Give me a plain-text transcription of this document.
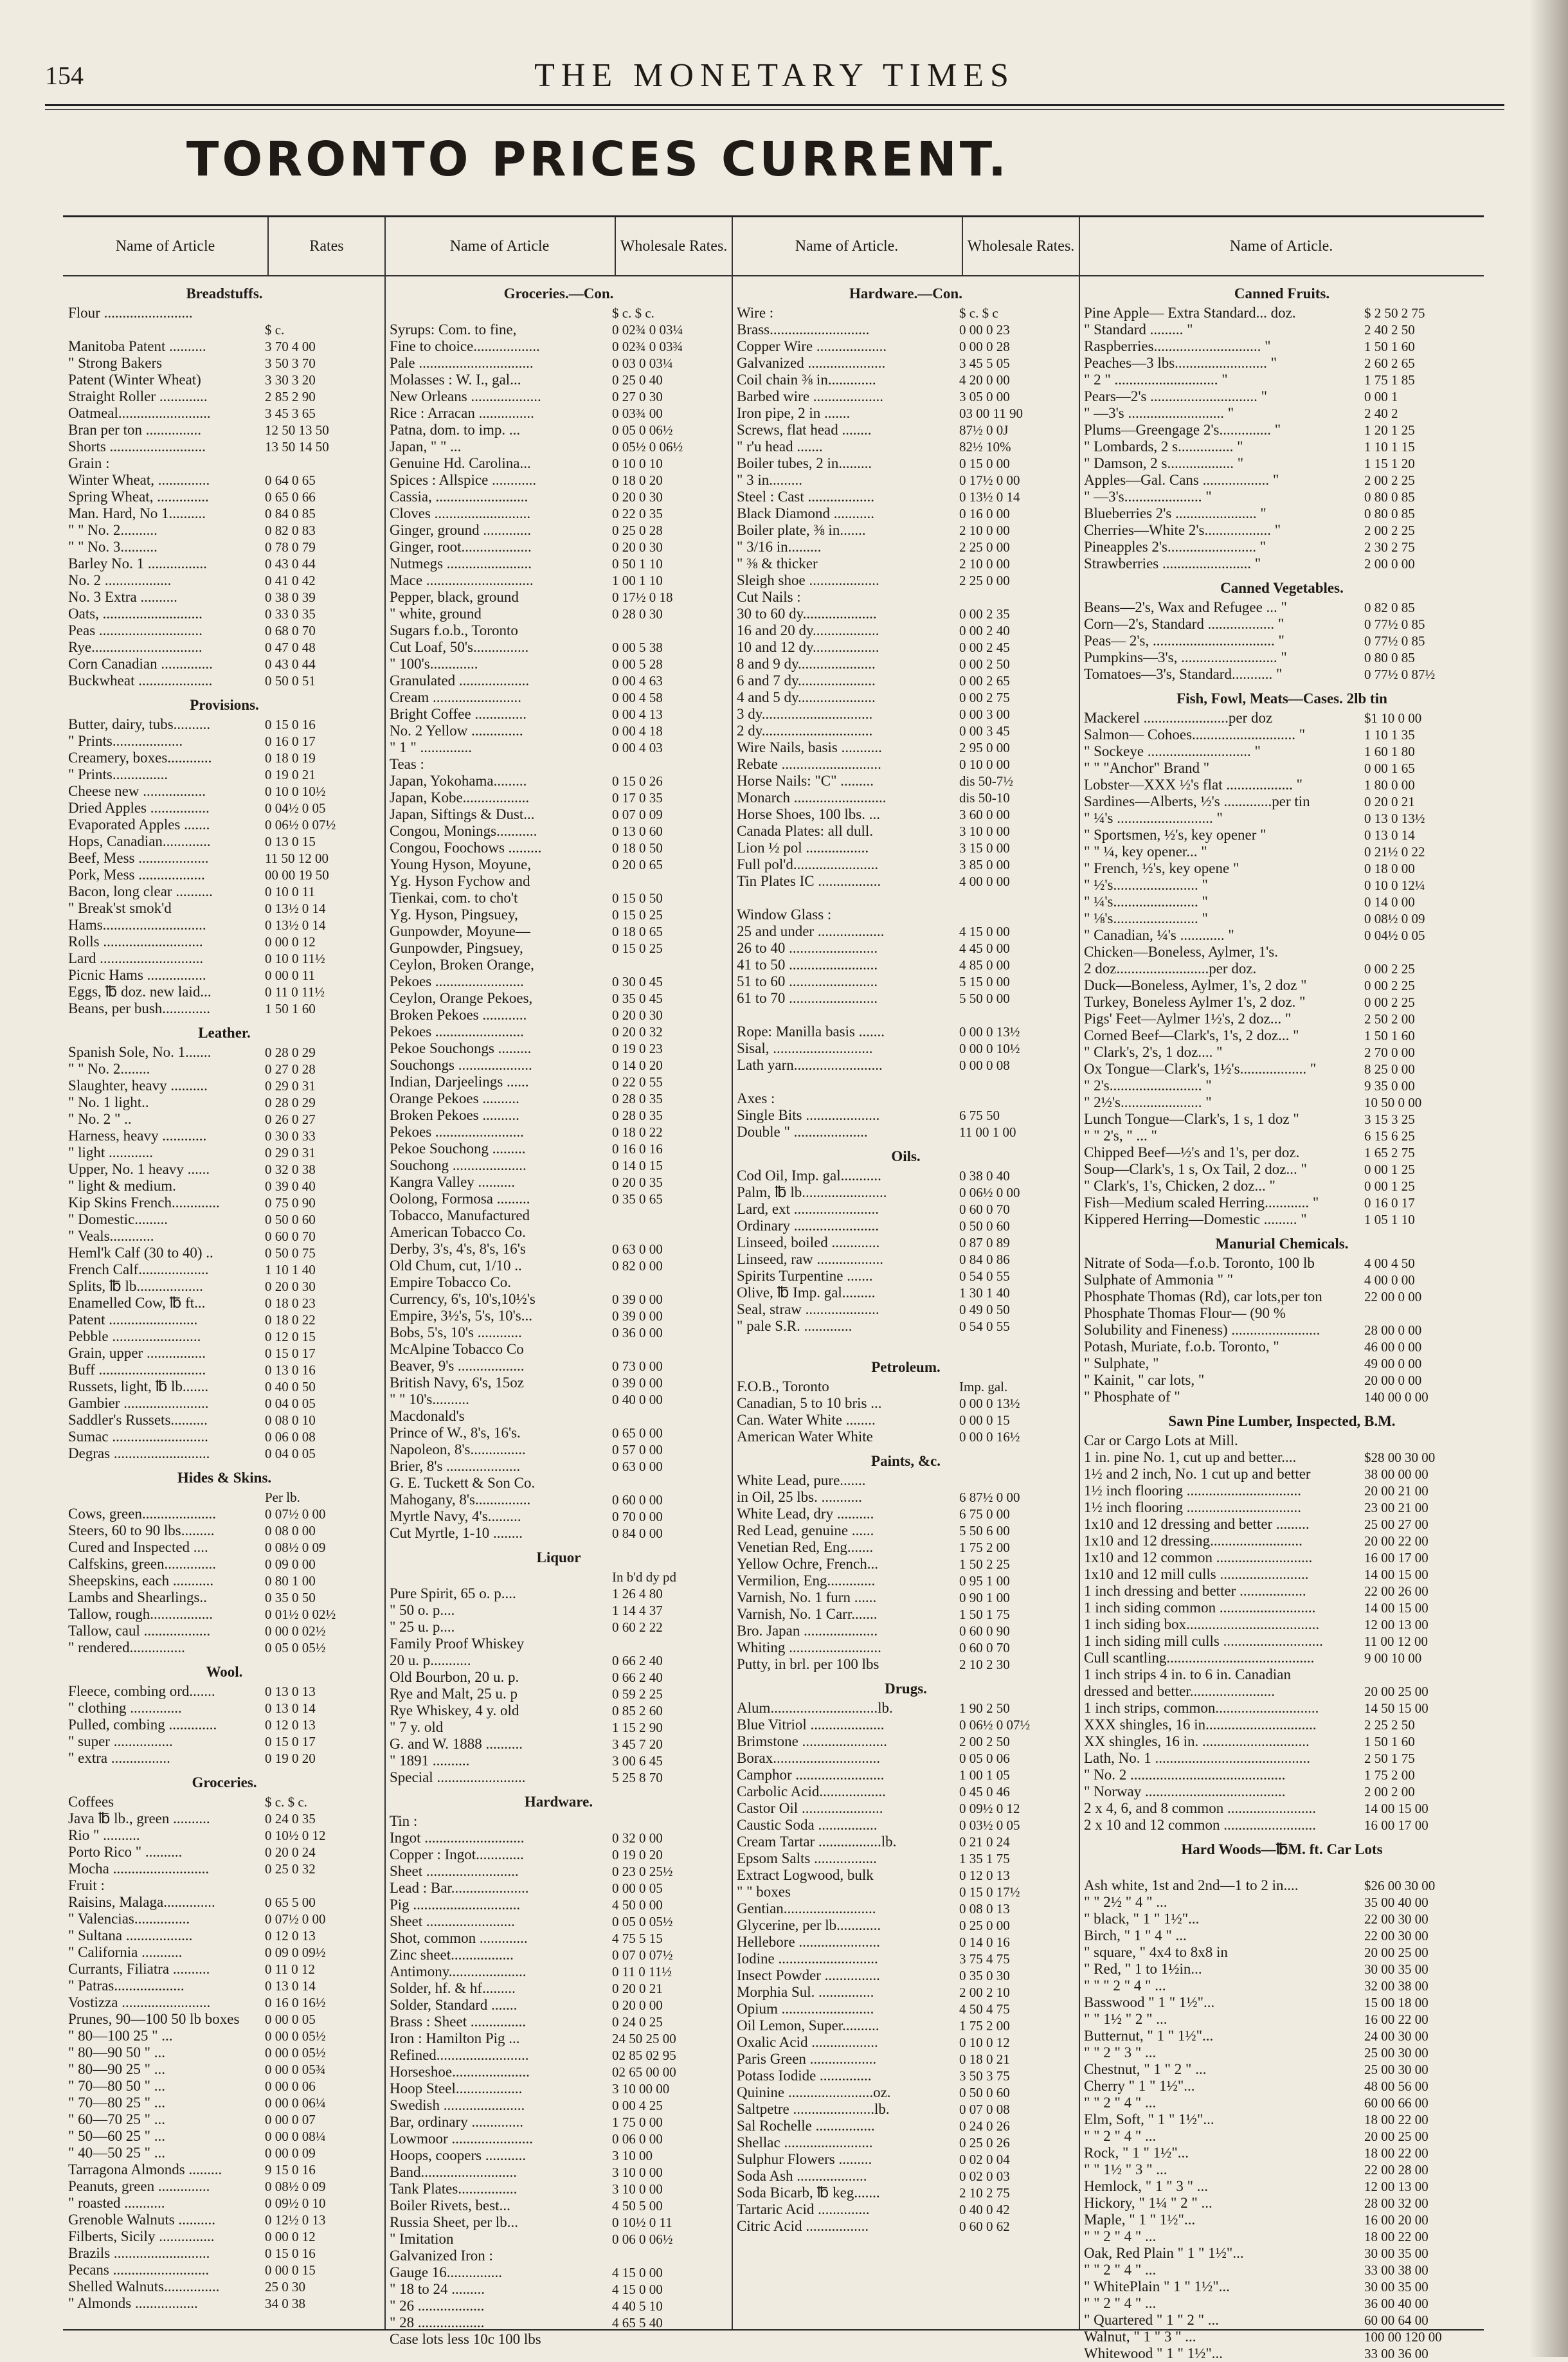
154	THE MONETARY TIMES
TORONTO PRICES CURRENT.
Name of Article	Rates
Breadstuffs.
Flour ........................
$ c.
Manitoba Patent ..........	3 70 4 00
" Strong Bakers	3 50 3 70
Patent (Winter Wheat)	3 30 3 20
Straight Roller .............	2 85 2 90
Oatmeal.........................	3 45 3 65
Bran per ton ...............	12 50 13 50
Shorts ..........................	13 50 14 50
Grain :
Winter Wheat, ..............	0 64 0 65
Spring Wheat, ..............	0 65 0 66
Man. Hard, No 1..........	0 84 0 85
" " No. 2..........	0 82 0 83
" " No. 3..........	0 78 0 79
Barley No. 1 ................	0 43 0 44
No. 2 ..................	0 41 0 42
No. 3 Extra ..........	0 38 0 39
Oats, ...........................	0 33 0 35
Peas ............................	0 68 0 70
Rye..............................	0 47 0 48
Corn Canadian ..............	0 43 0 44
Buckwheat ....................	0 50 0 51
Provisions.
Butter, dairy, tubs..........	0 15 0 16
" Prints...................	0 16 0 17
Creamery, boxes............	0 18 0 19
" Prints...............	0 19 0 21
Cheese new .................	0 10 0 10½
Dried Apples ................	0 04½ 0 05
Evaporated Apples .......	0 06½ 0 07½
Hops, Canadian.............	0 13 0 15
Beef, Mess ...................	11 50 12 00
Pork, Mess ..................	00 00 19 50
Bacon, long clear ..........	0 10 0 11
" Break'st smok'd	0 13½ 0 14
Hams............................	0 13½ 0 14
Rolls ...........................	0 00 0 12
Lard ............................	0 10 0 11½
Picnic Hams ................	0 00 0 11
Eggs, ℔ doz. new laid...	0 11 0 11½
Beans, per bush.............	1 50 1 60
Leather.
Spanish Sole, No. 1.......	0 28 0 29
" " No. 2........	0 27 0 28
Slaughter, heavy ..........	0 29 0 31
" No. 1 light..	0 28 0 29
" No. 2 " ..	0 26 0 27
Harness, heavy ............	0 30 0 33
" light ............	0 29 0 31
Upper, No. 1 heavy ......	0 32 0 38
" light & medium.	0 39 0 40
Kip Skins French.............	0 75 0 90
" Domestic.........	0 50 0 60
" Veals............	0 60 0 70
Heml'k Calf (30 to 40) ..	0 50 0 75
French Calf...................	1 10 1 40
Splits, ℔ lb..................	0 20 0 30
Enamelled Cow, ℔ ft...	0 18 0 23
Patent ........................	0 18 0 22
Pebble ........................	0 12 0 15
Grain, upper ................	0 15 0 17
Buff .............................	0 13 0 16
Russets, light, ℔ lb.......	0 40 0 50
Gambier .......................	0 04 0 05
Saddler's Russets..........	0 08 0 10
Sumac ..........................	0 06 0 08
Degras ..........................	0 04 0 05
Hides & Skins.
Per lb.
Cows, green....................	0 07½ 0 00
Steers, 60 to 90 lbs.........	0 08 0 00
Cured and Inspected ....	0 08½ 0 09
Calfskins, green..............	0 09 0 00
Sheepskins, each ...........	0 80 1 00
Lambs and Shearlings..	0 35 0 50
Tallow, rough.................	0 01½ 0 02½
Tallow, caul ..................	0 00 0 02½
" rendered...............	0 05 0 05½
Wool.
Fleece, combing ord.......	0 13 0 13
" clothing ..............	0 13 0 14
Pulled, combing .............	0 12 0 13
" super ................	0 15 0 17
" extra ................	0 19 0 20
Groceries.
Coffees	$ c. $ c.
Java ℔ lb., green ..........	0 24 0 35
Rio " ..........	0 10½ 0 12
Porto Rico " ..........	0 20 0 24
Mocha ..........................	0 25 0 32
Fruit :
Raisins, Malaga..............	0 65 5 00
" Valencias...............	0 07½ 0 00
" Sultana ..................	0 12 0 13
" California ...........	0 09 0 09½
Currants, Filiatra ..........	0 11 0 12
" Patras...................	0 13 0 14
Vostizza ........................	0 16 0 16½
Prunes, 90—100 50 lb boxes	0 00 0 05
" 80—100 25 " ...	0 00 0 05½
" 80—90 50 " ...	0 00 0 05½
" 80—90 25 " ...	0 00 0 05¾
" 70—80 50 " ...	0 00 0 06
" 70—80 25 " ...	0 00 0 06¼
" 60—70 25 " ...	0 00 0 07
" 50—60 25 " ...	0 00 0 08¼
" 40—50 25 " ...	0 00 0 09
Tarragona Almonds .........	9 15 0 16
Peanuts, green ..............	0 08½ 0 09
" roasted ...........	0 09½ 0 10
Grenoble Walnuts ..........	0 12½ 0 13
Filberts, Sicily ...............	0 00 0 12
Brazils ..........................	0 15 0 16
Pecans ..........................	0 00 0 15
Shelled Walnuts...............	25 0 30
" Almonds .................	34 0 38
Name of Article	Wholesale Rates.
Groceries.—Con.
$ c. $ c.
Syrups: Com. to fine,	0 02¾ 0 03¼
Fine to choice..................	0 02¾ 0 03¾
Pale ...............................	0 03 0 03¼
Molasses : W. I., gal...	0 25 0 40
New Orleans ...................	0 27 0 30
Rice : Arracan ...............	0 03¾ 00
Patna, dom. to imp. ...	0 05 0 06½
Japan, " " ...	0 05½ 0 06½
Genuine Hd. Carolina...	0 10 0 10
Spices : Allspice ............	0 18 0 20
Cassia, .........................	0 20 0 30
Cloves ..........................	0 22 0 35
Ginger, ground .............	0 25 0 28
Ginger, root...................	0 20 0 30
Nutmegs .......................	0 50 1 10
Mace .............................	1 00 1 10
Pepper, black, ground	0 17½ 0 18
" white, ground	0 28 0 30
Sugars f.o.b., Toronto
Cut Loaf, 50's...............	0 00 5 38
" 100's.............	0 00 5 28
Granulated ...................	0 00 4 63
Cream ........................	0 00 4 58
Bright Coffee ..............	0 00 4 13
No. 2 Yellow ..............	0 00 4 18
" 1 " ..............	0 00 4 03
Teas :
Japan, Yokohama.........	0 15 0 26
Japan, Kobe..................	0 17 0 35
Japan, Siftings & Dust...	0 07 0 09
Congou, Monings...........	0 13 0 60
Congou, Foochows .........	0 18 0 50
Young Hyson, Moyune,	0 20 0 65
Yg. Hyson Fychow and
Tienkai, com. to cho't	0 15 0 50
Yg. Hyson, Pingsuey,	0 15 0 25
Gunpowder, Moyune—	0 18 0 65
Gunpowder, Pingsuey,	0 15 0 25
Ceylon, Broken Orange,
Pekoes ........................	0 30 0 45
Ceylon, Orange Pekoes,	0 35 0 45
Broken Pekoes ............	0 20 0 30
Pekoes ........................	0 20 0 32
Pekoe Souchongs .........	0 19 0 23
Souchongs ....................	0 14 0 20
Indian, Darjeelings ......	0 22 0 55
Orange Pekoes ..........	0 28 0 35
Broken Pekoes ..........	0 28 0 35
Pekoes ........................	0 18 0 22
Pekoe Souchong .........	0 16 0 16
Souchong ....................	0 14 0 15
Kangra Valley ..........	0 20 0 35
Oolong, Formosa .........	0 35 0 65
Tobacco, Manufactured
American Tobacco Co.
Derby, 3's, 4's, 8's, 16's	0 63 0 00
Old Chum, cut, 1/10 ..	0 82 0 00
Empire Tobacco Co.
Currency, 6's, 10's,10½'s	0 39 0 00
Empire, 3½'s, 5's, 10's...	0 39 0 00
Bobs, 5's, 10's ............	0 36 0 00
McAlpine Tobacco Co
Beaver, 9's ..................	0 73 0 00
British Navy, 6's, 15oz	0 39 0 00
" " 10's..........	0 40 0 00
Macdonald's
Prince of W., 8's, 16's.	0 65 0 00
Napoleon, 8's...............	0 57 0 00
Brier, 8's ....................	0 63 0 00
G. E. Tuckett & Son Co.
Mahogany, 8's...............	0 60 0 00
Myrtle Navy, 4's.........	0 70 0 00
Cut Myrtle, 1-10 ........	0 84 0 00
Liquor
In b'd dy pd
Pure Spirit, 65 o. p....	1 26 4 80
" 50 o. p....	1 14 4 37
" 25 u. p....	0 60 2 22
Family Proof Whiskey
20 u. p...........	0 66 2 40
Old Bourbon, 20 u. p.	0 66 2 40
Rye and Malt, 25 u. p	0 59 2 25
Rye Whiskey, 4 y. old	0 85 2 60
" 7 y. old	1 15 2 90
G. and W. 1888 ..........	3 45 7 20
" 1891 ..........	3 00 6 45
Special ........................	5 25 8 70
Hardware.
Tin :
Ingot ...........................	0 32 0 00
Copper : Ingot.............	0 19 0 20
Sheet .........................	0 23 0 25½
Lead : Bar.....................	0 00 0 05
Pig .............................	4 50 0 00
Sheet ........................	0 05 0 05½
Shot, common .............	4 75 5 15
Zinc sheet.................	0 07 0 07½
Antimony.....................	0 11 0 11½
Solder, hf. & hf.........	0 20 0 21
Solder, Standard .......	0 20 0 00
Brass : Sheet ...............	0 24 0 25
Iron : Hamilton Pig ...	24 50 25 00
Refined.........................	02 85 02 95
Horseshoe.....................	02 65 00 00
Hoop Steel..................	3 10 00 00
Swedish ......................	0 00 4 25
Bar, ordinary ..............	1 75 0 00
Lowmoor ......................	0 06 0 00
Hoops, coopers ...........	3 10 00
Band..........................	3 10 0 00
Tank Plates................	3 10 0 00
Boiler Rivets, best...	4 50 5 00
Russia Sheet, per lb...	0 10½ 0 11
" Imitation	0 06 0 06½
Galvanized Iron :
Gauge 16...............	4 15 0 00
" 18 to 24 .........	4 15 0 00
" 26 ..................	4 40 5 10
" 28 ..................	4 65 5 40
Case lots less 10c 100 lbs
Name of Article.	Wholesale Rates.
Hardware.—Con.
Wire :	$ c. $ c
Brass...........................	0 00 0 23
Copper Wire ...................	0 00 0 28
Galvanized .....................	3 45 5 05
Coil chain ⅜ in.............	4 20 0 00
Barbed wire ...................	3 05 0 00
Iron pipe, 2 in .......	03 00 11 90
Screws, flat head ........	87½ 0 0J
" r'u head .......	82½ 10%
Boiler tubes, 2 in.........	0 15 0 00
" 3 in.........	0 17½ 0 00
Steel : Cast ..................	0 13½ 0 14
Black Diamond ...........	0 16 0 00
Boiler plate, ⅜ in.......	2 10 0 00
" 3/16 in.........	2 25 0 00
" ⅜ & thicker	2 10 0 00
Sleigh shoe ...................	2 25 0 00
Cut Nails :
30 to 60 dy....................	0 00 2 35
16 and 20 dy..................	0 00 2 40
10 and 12 dy..................	0 00 2 45
8 and 9 dy.....................	0 00 2 50
6 and 7 dy.....................	0 00 2 65
4 and 5 dy.....................	0 00 2 75
3 dy..............................	0 00 3 00
2 dy..............................	0 00 3 45
Wire Nails, basis ...........	2 95 0 00
Rebate ...........................	0 10 0 00
Horse Nails: "C" .........	dis 50-7½
Monarch .........................	dis 50-10
Horse Shoes, 100 lbs. ...	3 60 0 00
Canada Plates: all dull.	3 10 0 00
Lion ½ pol .................	3 15 0 00
Full pol'd.......................	3 85 0 00
Tin Plates IC .................	4 00 0 00
Window Glass :
25 and under ..................	4 15 0 00
26 to 40 ........................	4 45 0 00
41 to 50 ........................	4 85 0 00
51 to 60 ........................	5 15 0 00
61 to 70 ........................	5 50 0 00
Rope: Manilla basis .......	0 00 0 13½
Sisal, ...........................	0 00 0 10½
Lath yarn........................	0 00 0 08
Axes :
Single Bits ....................	6 75 50
Double " ....................	11 00 1 00
Oils.
Cod Oil, Imp. gal...........	0 38 0 40
Palm, ℔ lb.......................	0 06½ 0 00
Lard, ext .......................	0 60 0 70
Ordinary .......................	0 50 0 60
Linseed, boiled .............	0 87 0 89
Linseed, raw ..................	0 84 0 86
Spirits Turpentine .......	0 54 0 55
Olive, ℔ Imp. gal.........	1 30 1 40
Seal, straw ....................	0 49 0 50
" pale S.R. .............	0 54 0 55
Petroleum.
F.O.B., Toronto	Imp. gal.
Canadian, 5 to 10 bris ...	0 00 0 13½
Can. Water White ........	0 00 0 15
American Water White	0 00 0 16½
Paints, &c.
White Lead, pure.......
in Oil, 25 lbs. ...........	6 87½ 0 00
White Lead, dry ..........	6 75 0 00
Red Lead, genuine ......	5 50 6 00
Venetian Red, Eng.......	1 75 2 00
Yellow Ochre, French...	1 50 2 25
Vermilion, Eng.............	0 95 1 00
Varnish, No. 1 furn ......	0 90 1 00
Varnish, No. 1 Carr.......	1 50 1 75
Bro. Japan ....................	0 60 0 90
Whiting .........................	0 60 0 70
Putty, in brl. per 100 lbs	2 10 2 30
Drugs.
Alum.............................lb.	1 90 2 50
Blue Vitriol ....................	0 06½ 0 07½
Brimstone .......................	2 00 2 50
Borax.............................	0 05 0 06
Camphor ........................	1 00 1 05
Carbolic Acid..................	0 45 0 46
Castor Oil ......................	0 09½ 0 12
Caustic Soda ................	0 03½ 0 05
Cream Tartar .................lb.	0 21 0 24
Epsom Salts .................	1 35 1 75
Extract Logwood, bulk	0 12 0 13
" " boxes	0 15 0 17½
Gentian.........................	0 08 0 13
Glycerine, per lb............	0 25 0 00
Hellebore ......................	0 14 0 16
Iodine ...........................	3 75 4 75
Insect Powder ...............	0 35 0 30
Morphia Sul. ...............	2 00 2 10
Opium .........................	4 50 4 75
Oil Lemon, Super..........	1 75 2 00
Oxalic Acid ..................	0 10 0 12
Paris Green ..................	0 18 0 21
Potass Iodide ..............	3 50 3 75
Quinine .......................oz.	0 50 0 60
Saltpetre ......................lb.	0 07 0 08
Sal Rochelle ................	0 24 0 26
Shellac ........................	0 25 0 26
Sulphur Flowers .........	0 02 0 04
Soda Ash ...................	0 02 0 03
Soda Bicarb, ℔ keg.......	2 10 2 75
Tartaric Acid ..............	0 40 0 42
Citric Acid .................	0 60 0 62
Name of Article.
Canned Fruits.
Pine Apple— Extra Standard... doz.	$ 2 50 2 75
" Standard ......... "	2 40 2 50
Raspberries............................. "	1 50 1 60
Peaches—3 lbs......................... "	2 60 2 65
" 2 " ............................ "	1 75 1 85
Pears—2's ............................. "	0 00 1
" —3's .......................... "	2 40 2
Plums—Greengage 2's.............. "	1 20 1 25
" Lombards, 2 s............... "	1 10 1 15
" Damson, 2 s.................. "	1 15 1 20
Apples—Gal. Cans .................. "	2 00 2 25
" —3's..................... "	0 80 0 85
Blueberries 2's ...................... "	0 80 0 85
Cherries—White 2's.................. "	2 00 2 25
Pineapples 2's........................ "	2 30 2 75
Strawberries ........................ "	2 00 0 00
Canned Vegetables.
Beans—2's, Wax and Refugee ... "	0 82 0 85
Corn—2's, Standard .................. "	0 77½ 0 85
Peas— 2's, ................................. "	0 77½ 0 85
Pumpkins—3's, .......................... "	0 80 0 85
Tomatoes—3's, Standard........... "	0 77½ 0 87½
Fish, Fowl, Meats—Cases. 2lb tin
Mackerel .......................per doz	$1 10 0 00
Salmon— Cohoes............................ "	1 10 1 35
" Sockeye ............................ "	1 60 1 80
" " "Anchor" Brand "	0 00 1 65
Lobster—XXX ½'s flat .................. "	1 80 0 00
Sardines—Alberts, ½'s .............per tin	0 20 0 21
" ¼'s .......................... "	0 13 0 13½
" Sportsmen, ½'s, key opener "	0 13 0 14
" " ¼, key opener... "	0 21½ 0 22
" French, ½'s, key opene "	0 18 0 00
" ½'s....................... "	0 10 0 12¼
" ¼'s....................... "	0 14 0 00
" ⅛'s....................... "	0 08½ 0 09
" Canadian, ¼'s ............ "	0 04½ 0 05
Chicken—Boneless, Aylmer, 1's.
2 doz.........................per doz.	0 00 2 25
Duck—Boneless, Aylmer, 1's, 2 doz "	0 00 2 25
Turkey, Boneless Aylmer 1's, 2 doz. "	0 00 2 25
Pigs' Feet—Aylmer 1½'s, 2 doz... "	2 50 2 00
Corned Beef—Clark's, 1's, 2 doz... "	1 50 1 60
" Clark's, 2's, 1 doz.... "	2 70 0 00
Ox Tongue—Clark's, 1½'s.................. "	8 25 0 00
" 2's......................... "	9 35 0 00
" 2½'s...................... "	10 50 0 00
Lunch Tongue—Clark's, 1 s, 1 doz "	3 15 3 25
" " 2's, " ... "	6 15 6 25
Chipped Beef—½'s and 1's, per doz.	1 65 2 75
Soup—Clark's, 1 s, Ox Tail, 2 doz... "	0 00 1 25
" Clark's, 1's, Chicken, 2 doz... "	0 00 1 25
Fish—Medium scaled Herring............ "	0 16 0 17
Kippered Herring—Domestic ......... "	1 05 1 10
Manurial Chemicals.
Nitrate of Soda—f.o.b. Toronto, 100 lb	4 00 4 50
Sulphate of Ammonia " "	4 00 0 00
Phosphate Thomas (Rd), car lots,per ton	22 00 0 00
Phosphate Thomas Flour— (90 %
Solubility and Fineness) ........................	28 00 0 00
Potash, Muriate, f.o.b. Toronto, "	46 00 0 00
" Sulphate, "	49 00 0 00
" Kainit, " car lots, "	20 00 0 00
" Phosphate of "	140 00 0 00
Sawn Pine Lumber, Inspected, B.M.
Car or Cargo Lots at Mill.
1 in. pine No. 1, cut up and better....	$28 00 30 00
1½ and 2 inch, No. 1 cut up and better	38 00 00 00
1½ inch flooring ...............................	20 00 21 00
1½ inch flooring ...............................	23 00 21 00
1x10 and 12 dressing and better .........	25 00 27 00
1x10 and 12 dressing.........................	20 00 22 00
1x10 and 12 common ..........................	16 00 17 00
1x10 and 12 mill culls ........................	14 00 15 00
1 inch dressing and better ..................	22 00 26 00
1 inch siding common ..........................	14 00 15 00
1 inch siding box....................................	12 00 13 00
1 inch siding mill culls ...........................	11 00 12 00
Cull scantling........................................	9 00 10 00
1 inch strips 4 in. to 6 in. Canadian
dressed and better.......................	20 00 25 00
1 inch strips, common............................	14 50 15 00
XXX shingles, 16 in..............................	2 25 2 50
XX shingles, 16 in. .............................	1 50 1 60
Lath, No. 1 ..........................................	2 50 1 75
" No. 2 ..........................................	1 75 2 00
" Norway ......................................	2 00 2 00
2 x 4, 6, and 8 common ........................	14 00 15 00
2 x 10 and 12 common .........................	16 00 17 00
Hard Woods—℔M. ft. Car Lots
Ash white, 1st and 2nd—1 to 2 in....	$26 00 30 00
" " 2½ " 4 " ...	35 00 40 00
" black, " 1 " 1½"...	22 00 30 00
Birch, " 1 " 4 " ...	22 00 30 00
" square, " 4x4 to 8x8 in	20 00 25 00
" Red, " 1 to 1½in...	30 00 35 00
" " " 2 " 4 " ...	32 00 38 00
Basswood " 1 " 1½"...	15 00 18 00
" " 1½ " 2 " ...	16 00 22 00
Butternut, " 1 " 1½"...	24 00 30 00
" " 2 " 3 " ...	25 00 30 00
Chestnut, " 1 " 2 " ...	25 00 30 00
Cherry " 1 " 1½"...	48 00 56 00
" " 2 " 4 " ...	60 00 66 00
Elm, Soft, " 1 " 1½"...	18 00 22 00
" " 2 " 4 " ...	20 00 25 00
Rock, " 1 " 1½"...	18 00 22 00
" " 1½ " 3 " ...	22 00 28 00
Hemlock, " 1 " 3 " ...	12 00 13 00
Hickory, " 1¼ " 2 " ...	28 00 32 00
Maple, " 1 " 1½"...	16 00 20 00
" " 2 " 4 " ...	18 00 22 00
Oak, Red Plain " 1 " 1½"...	30 00 35 00
" " 2 " 4 " ...	33 00 38 00
" WhitePlain " 1 " 1½"...	30 00 35 00
" " 2 " 4 " ...	36 00 40 00
" Quartered " 1 " 2 " ...	60 00 64 00
Walnut, " 1 " 3 " ...	100 00 120 00
Whitewood " 1 " 1½"...	33 00 36 00
